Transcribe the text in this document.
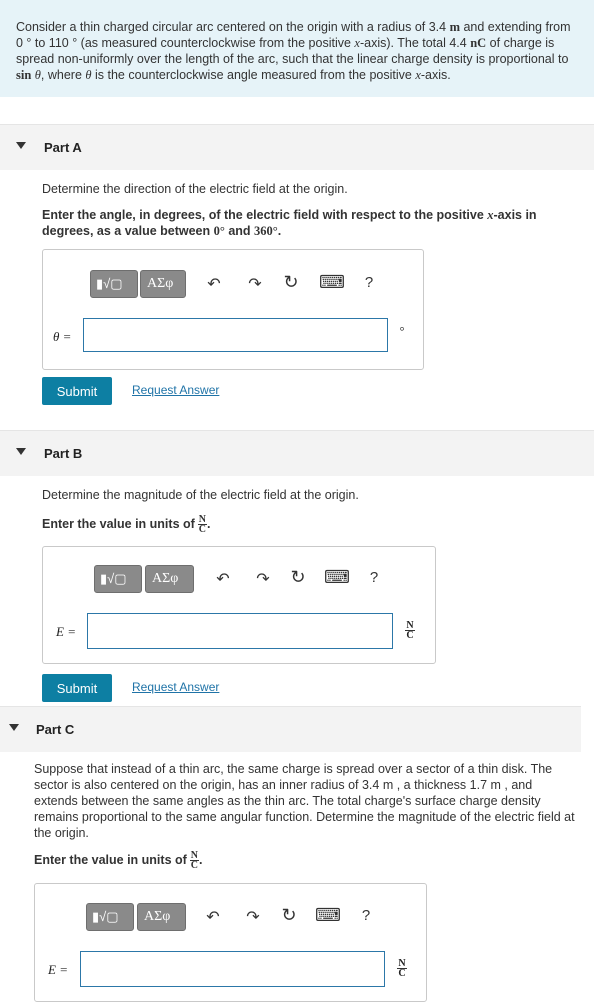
Consider a thin charged circular arc centered on the origin with a radius of 3.4 m and extending from 0 ° to 110 ° (as measured counterclockwise from the positive x-axis). The total 4.4 nC of charge is spread non-uniformly over the length of the arc, such that the linear charge density is proportional to sin θ, where θ is the counterclockwise angle measured from the positive x-axis.
Part A
Determine the direction of the electric field at the origin.
Enter the angle, in degrees, of the electric field with respect to the positive x-axis in degrees, as a value between 0° and 360°.
▮√▢ ΑΣφ ↶ ↷ ↻ ⌨ ?
θ =	°
Submit	Request Answer
Part B
Determine the magnitude of the electric field at the origin.
Enter the value in units of $\frac{N}{C}$ .
▮√▢ ΑΣφ ↶ ↷ ↻ ⌨ ?
E =	$\frac{N}{C}$
Submit	Request Answer
Part C
Suppose that instead of a thin arc, the same charge is spread over a sector of a thin disk. The sector is also centered on the origin, has an inner radius of 3.4 m , a thickness 1.7 m , and extends between the same angles as the thin arc. The total charge's surface charge density remains proportional to the same angular function. Determine the magnitude of the electric field at the origin.
Enter the value in units of $\frac{N}{C}$ .
▮√▢ ΑΣφ ↶ ↷ ↻ ⌨ ?
E =	$\frac{N}{C}$
